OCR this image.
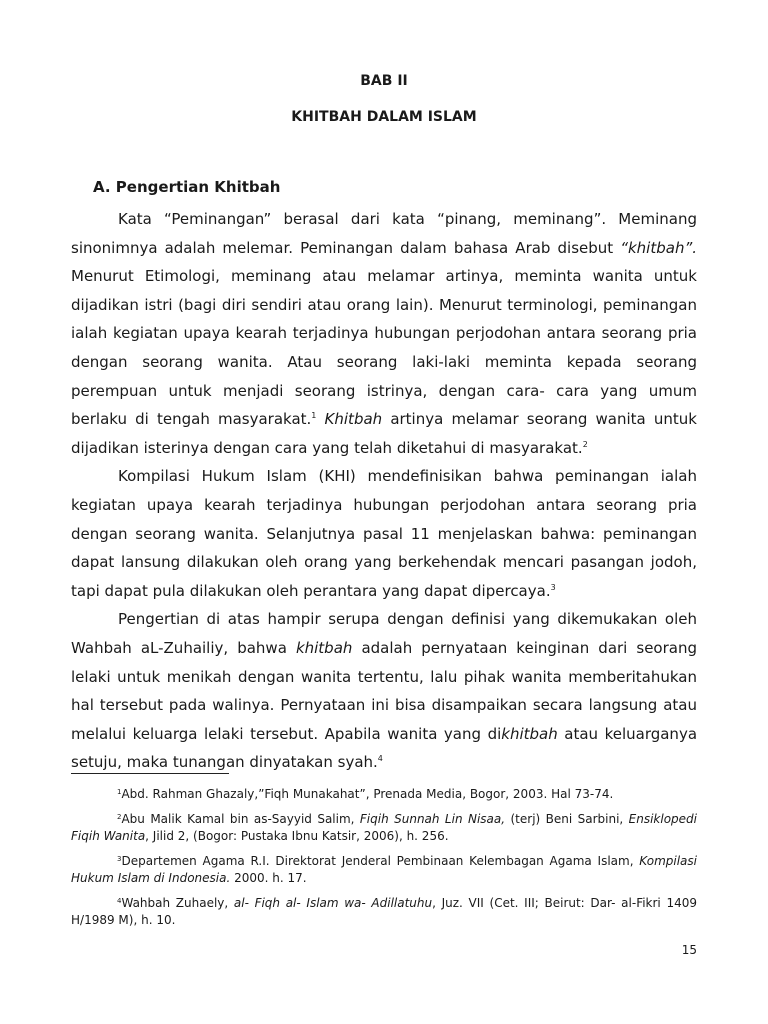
BAB II
KHITBAH DALAM ISLAM
A. Pengertian Khitbah

Kata “Peminangan” berasal dari kata “pinang, meminang”. Meminang sinonimnya adalah melemar. Peminangan dalam bahasa Arab disebut “khitbah”. Menurut Etimologi, meminang atau melamar artinya, meminta wanita untuk dijadikan istri (bagi diri sendiri atau orang lain). Menurut terminologi, peminangan ialah kegiatan upaya kearah terjadinya hubungan perjodohan antara seorang pria dengan seorang wanita. Atau seorang laki-laki meminta kepada seorang perempuan untuk menjadi seorang istrinya, dengan cara- cara yang umum berlaku di tengah masyarakat.$^1$ Khitbah artinya melamar seorang wanita untuk dijadikan isterinya dengan cara yang telah diketahui di masyarakat.$^2$

Kompilasi Hukum Islam (KHI) mendefinisikan bahwa peminangan ialah kegiatan upaya kearah terjadinya hubungan perjodohan antara seorang pria dengan seorang wanita. Selanjutnya pasal 11 menjelaskan bahwa: peminangan dapat lansung dilakukan oleh orang yang berkehendak mencari pasangan jodoh, tapi dapat pula dilakukan oleh perantara yang dapat dipercaya.$^3$

Pengertian di atas hampir serupa dengan definisi yang dikemukakan oleh Wahbah aL-Zuhailiy, bahwa khitbah adalah pernyataan keinginan dari seorang lelaki untuk menikah dengan wanita tertentu, lalu pihak wanita memberitahukan hal tersebut pada walinya. Pernyataan ini bisa disampaikan secara langsung atau melalui keluarga lelaki tersebut. Apabila wanita yang dikhitbah atau keluarganya setuju, maka tunangan dinyatakan syah.$^4$

$^1$Abd. Rahman Ghazaly,”Fiqh Munakahat”, Prenada Media, Bogor, 2003. Hal 73-74.

$^2$Abu Malik Kamal bin as-Sayyid Salim, Fiqih Sunnah Lin Nisaa, (terj) Beni Sarbini, Ensiklopedi Fiqih Wanita, Jilid 2, (Bogor: Pustaka Ibnu Katsir, 2006), h. 256.

$^3$Departemen Agama R.I. Direktorat Jenderal Pembinaan Kelembagan Agama Islam, Kompilasi Hukum Islam di Indonesia. 2000. h. 17.

$^4$Wahbah Zuhaely, al- Fiqh al- Islam wa- Adillatuhu, Juz. VII (Cet. III; Beirut: Dar- al-Fikri 1409 H/1989 M), h. 10.

15
